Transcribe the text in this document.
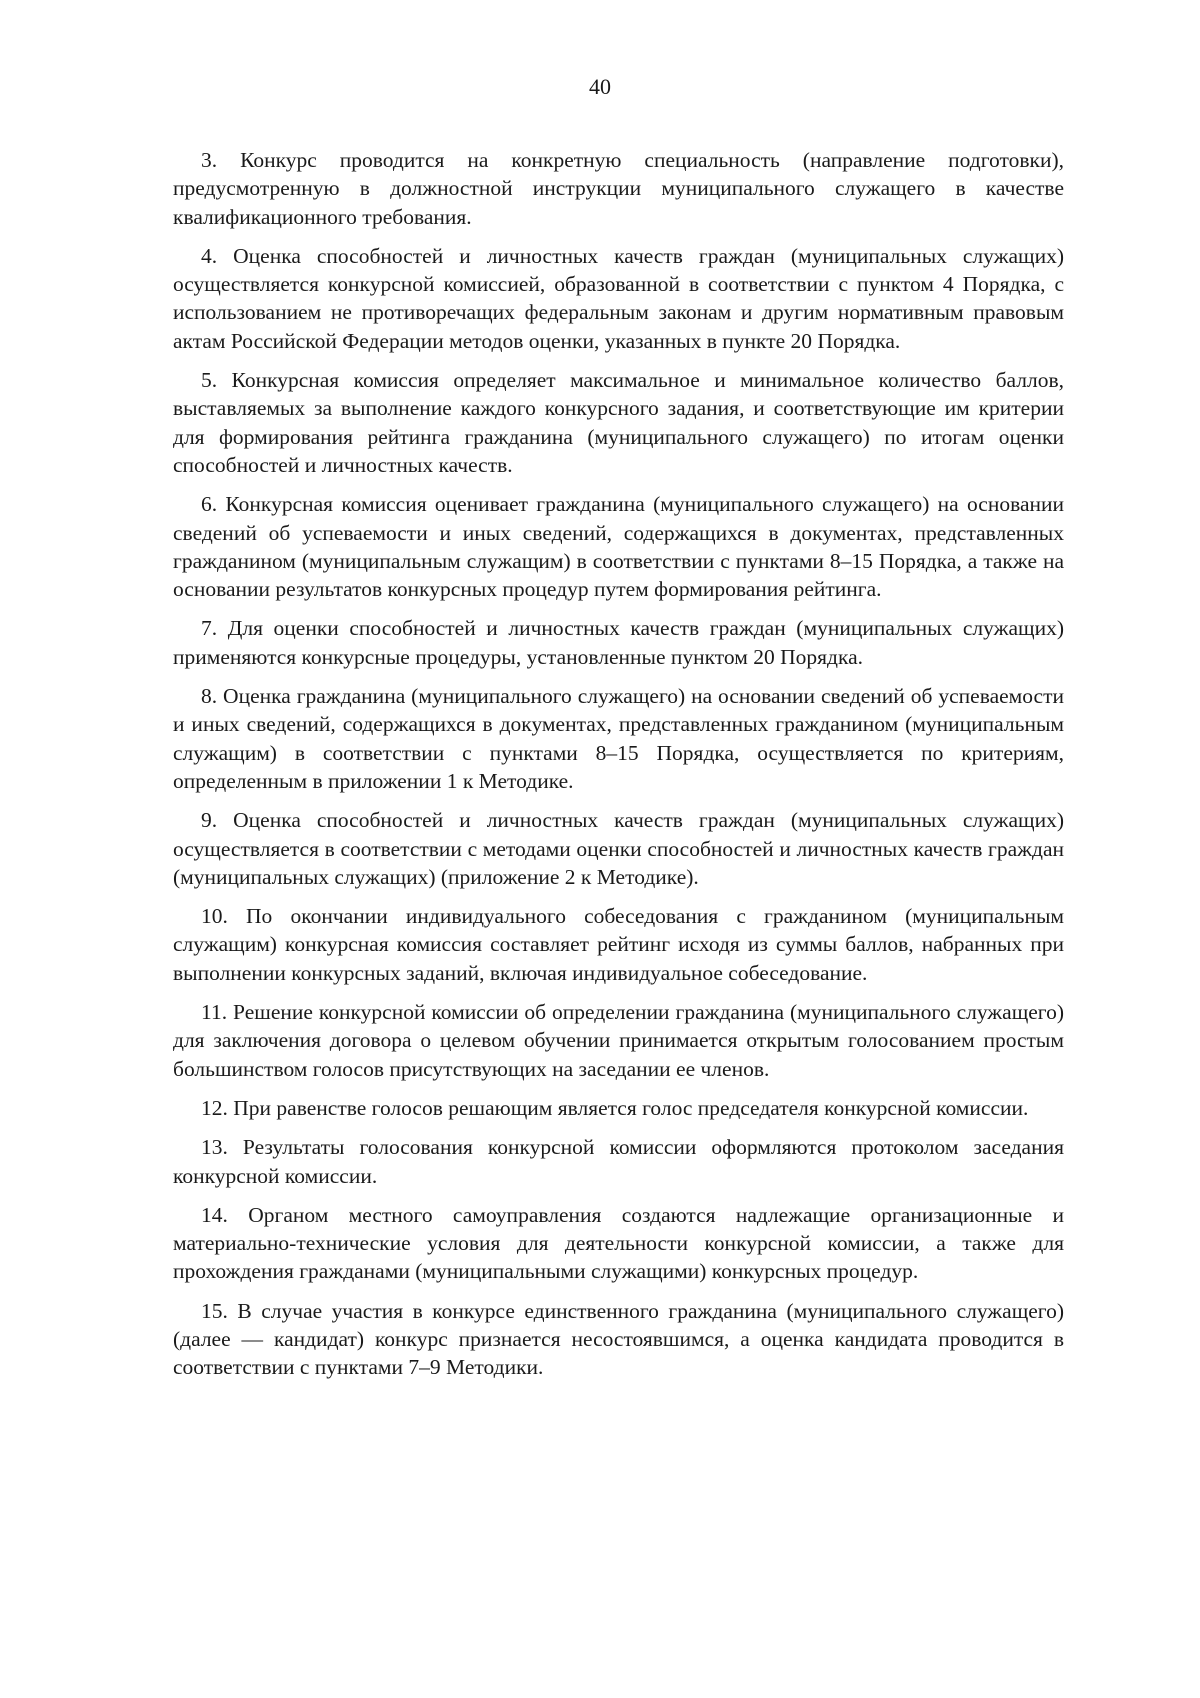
40

3. Конкурс проводится на конкретную специальность (направление подготовки), предусмотренную в должностной инструкции муниципального служащего в качестве квалификационного требования.

4. Оценка способностей и личностных качеств граждан (муниципальных служащих) осуществляется конкурсной комиссией, образованной в соответствии с пунктом 4 Порядка, с использованием не противоречащих федеральным законам и другим нормативным правовым актам Российской Федерации методов оценки, указанных в пункте 20 Порядка.

5. Конкурсная комиссия определяет максимальное и минимальное количество баллов, выставляемых за выполнение каждого конкурсного задания, и соответствующие им критерии для формирования рейтинга гражданина (муниципального служащего) по итогам оценки способностей и личностных качеств.

6. Конкурсная комиссия оценивает гражданина (муниципального служащего) на основании сведений об успеваемости и иных сведений, содержащихся в документах, представленных гражданином (муниципальным служащим) в соответствии с пунктами 8–15 Порядка, а также на основании результатов конкурсных процедур путем формирования рейтинга.

7. Для оценки способностей и личностных качеств граждан (муниципальных служащих) применяются конкурсные процедуры, установленные пунктом 20 Порядка.

8. Оценка гражданина (муниципального служащего) на основании сведений об успеваемости и иных сведений, содержащихся в документах, представленных гражданином (муниципальным служащим) в соответствии с пунктами 8–15 Порядка, осуществляется по критериям, определенным в приложении 1 к Методике.

9. Оценка способностей и личностных качеств граждан (муниципальных служащих) осуществляется в соответствии с методами оценки способностей и личностных качеств граждан (муниципальных служащих) (приложение 2 к Методике).

10. По окончании индивидуального собеседования с гражданином (муниципальным служащим) конкурсная комиссия составляет рейтинг исходя из суммы баллов, набранных при выполнении конкурсных заданий, включая индивидуальное собеседование.

11. Решение конкурсной комиссии об определении гражданина (муниципального служащего) для заключения договора о целевом обучении принимается открытым голосованием простым большинством голосов присутствующих на заседании ее членов.

12. При равенстве голосов решающим является голос председателя конкурсной комиссии.

13. Результаты голосования конкурсной комиссии оформляются протоколом заседания конкурсной комиссии.

14. Органом местного самоуправления создаются надлежащие организационные и материально-технические условия для деятельности конкурсной комиссии, а также для прохождения гражданами (муниципальными служащими) конкурсных процедур.

15. В случае участия в конкурсе единственного гражданина (муниципального служащего) (далее — кандидат) конкурс признается несостоявшимся, а оценка кандидата проводится в соответствии с пунктами 7–9 Методики.
